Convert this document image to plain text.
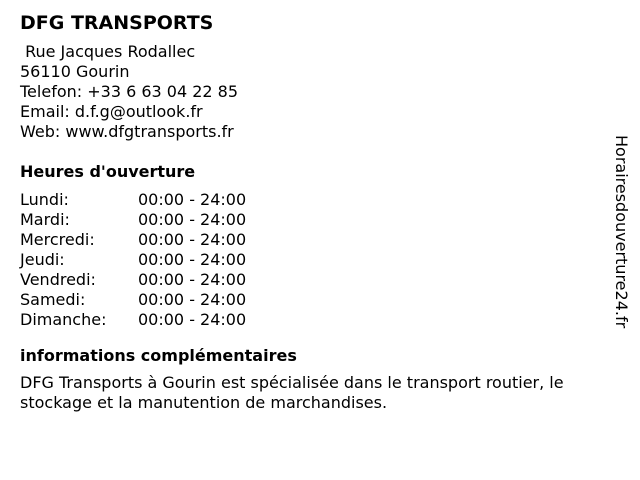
DFG TRANSPORTS
Rue Jacques Rodallec
56110 Gourin
Telefon: +33 6 63 04 22 85
Email: d.f.g@outlook.fr
Web: www.dfgtransports.fr
Heures d'ouverture
Lundi:	00:00 - 24:00
Mardi:	00:00 - 24:00
Mercredi:	00:00 - 24:00
Jeudi:	00:00 - 24:00
Vendredi:	00:00 - 24:00
Samedi:	00:00 - 24:00
Dimanche:	00:00 - 24:00
informations complémentaires
DFG Transports à Gourin est spécialisée dans le transport routier, le stockage et la manutention de marchandises.
Horairesdouverture24.fr
